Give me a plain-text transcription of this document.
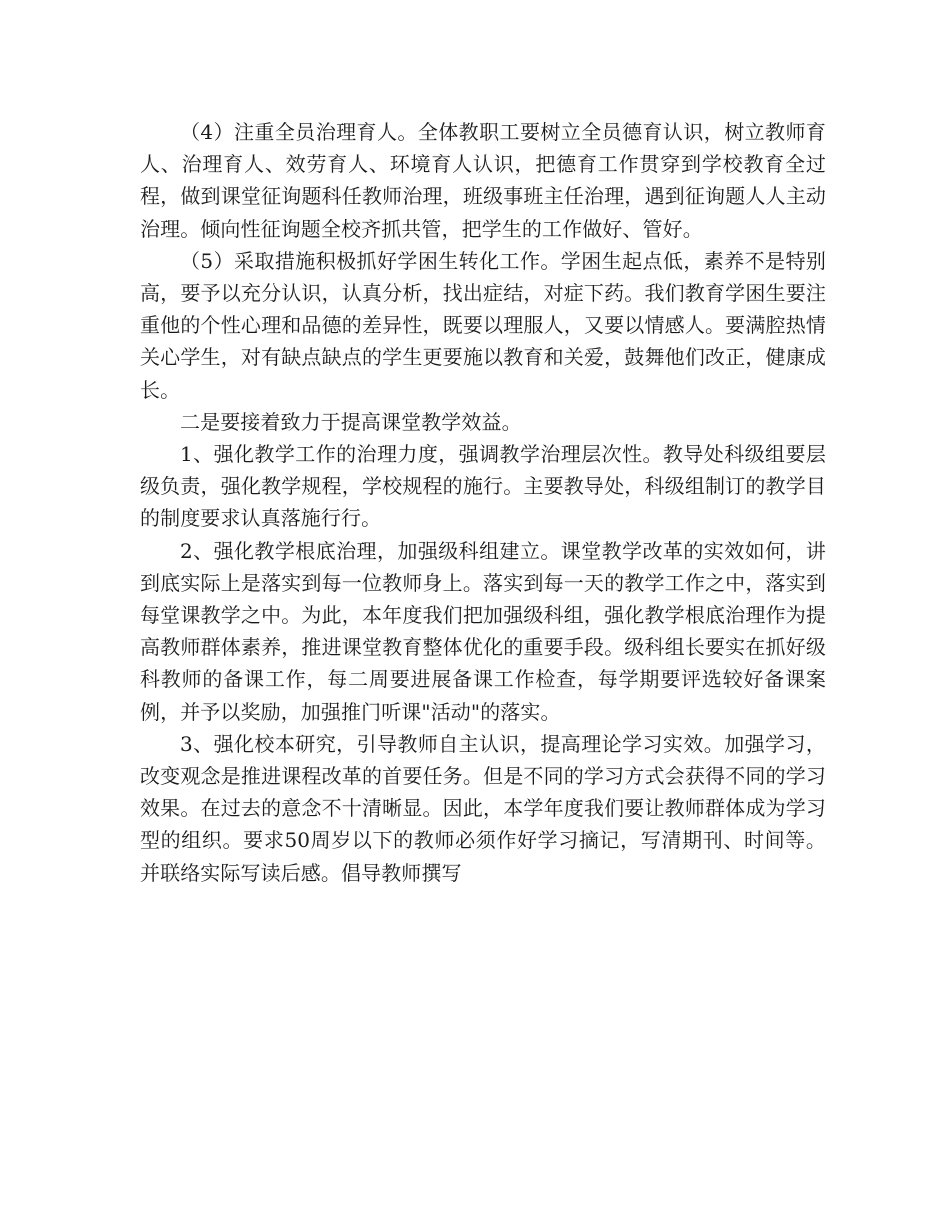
（4）注重全员治理育人。全体教职工要树立全员德育认识，树立教师育人、治理育人、效劳育人、环境育人认识，把德育工作贯穿到学校教育全过程，做到课堂征询题科任教师治理，班级事班主任治理，遇到征询题人人主动治理。倾向性征询题全校齐抓共管，把学生的工作做好、管好。

（5）采取措施积极抓好学困生转化工作。学困生起点低，素养不是特别高，要予以充分认识，认真分析，找出症结，对症下药。我们教育学困生要注重他的个性心理和品德的差异性，既要以理服人，又要以情感人。要满腔热情关心学生，对有缺点缺点的学生更要施以教育和关爱，鼓舞他们改正，健康成长。

二是要接着致力于提高课堂教学效益。

1、强化教学工作的治理力度，强调教学治理层次性。教导处科级组要层级负责，强化教学规程，学校规程的施行。主要教导处，科级组制订的教学目的制度要求认真落施行行。

2、强化教学根底治理，加强级科组建立。课堂教学改革的实效如何，讲到底实际上是落实到每一位教师身上。落实到每一天的教学工作之中，落实到每堂课教学之中。为此，本年度我们把加强级科组，强化教学根底治理作为提高教师群体素养，推进课堂教育整体优化的重要手段。级科组长要实在抓好级科教师的备课工作，每二周要进展备课工作检查，每学期要评选较好备课案例，并予以奖励，加强推门听课"活动"的落实。

3、强化校本研究，引导教师自主认识，提高理论学习实效。加强学习，改变观念是推进课程改革的首要任务。但是不同的学习方式会获得不同的学习效果。在过去的意念不十清晰显。因此，本学年度我们要让教师群体成为学习型的组织。要求50周岁以下的教师必须作好学习摘记，写清期刊、时间等。并联络实际写读后感。倡导教师撰写
